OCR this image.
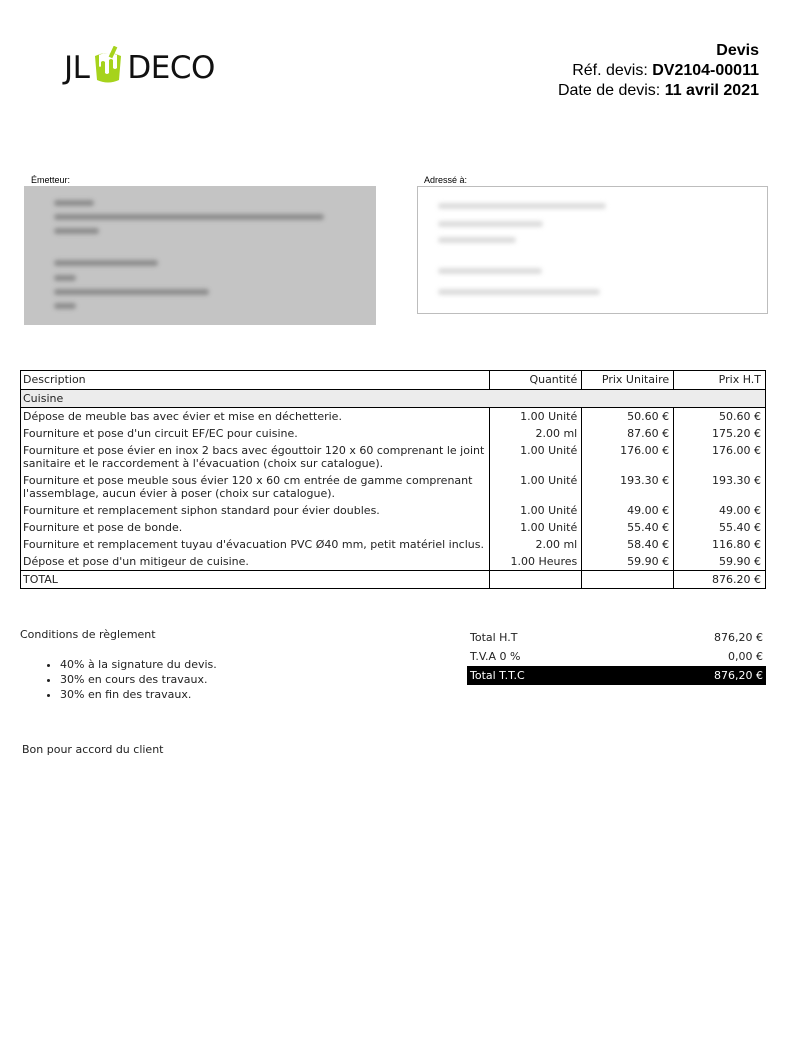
JL DECO	Devis
Réf. devis: DV2104-00011
Date de devis: 11 avril 2021
Émetteur:	Adressé à:
Description	Quantité	Prix Unitaire	Prix H.T
Cuisine			
Dépose de meuble bas avec évier et mise en déchetterie.	1.00 Unité	50.60 €	50.60 €
Fourniture et pose d'un circuit EF/EC pour cuisine.	2.00 ml	87.60 €	175.20 €
Fourniture et pose évier en inox 2 bacs avec égouttoir 120 x 60 comprenant le joint sanitaire et le raccordement à l'évacuation (choix sur catalogue).	1.00 Unité	176.00 €	176.00 €
Fourniture et pose meuble sous évier 120 x 60 cm entrée de gamme comprenant l'assemblage, aucun évier à poser (choix sur catalogue).	1.00 Unité	193.30 €	193.30 €
Fourniture et remplacement siphon standard pour évier doubles.	1.00 Unité	49.00 €	49.00 €
Fourniture et pose de bonde.	1.00 Unité	55.40 €	55.40 €
Fourniture et remplacement tuyau d'évacuation PVC Ø40 mm, petit matériel inclus.	2.00 ml	58.40 €	116.80 €
Dépose et pose d'un mitigeur de cuisine.	1.00 Heures	59.90 €	59.90 €
TOTAL			876.20 €
Conditions de règlement
• 40% à la signature du devis.
• 30% en cours des travaux.
• 30% en fin des travaux.
Total H.T	876,20 €
T.V.A 0 %	0,00 €
Total T.T.C	876,20 €
Bon pour accord du client
